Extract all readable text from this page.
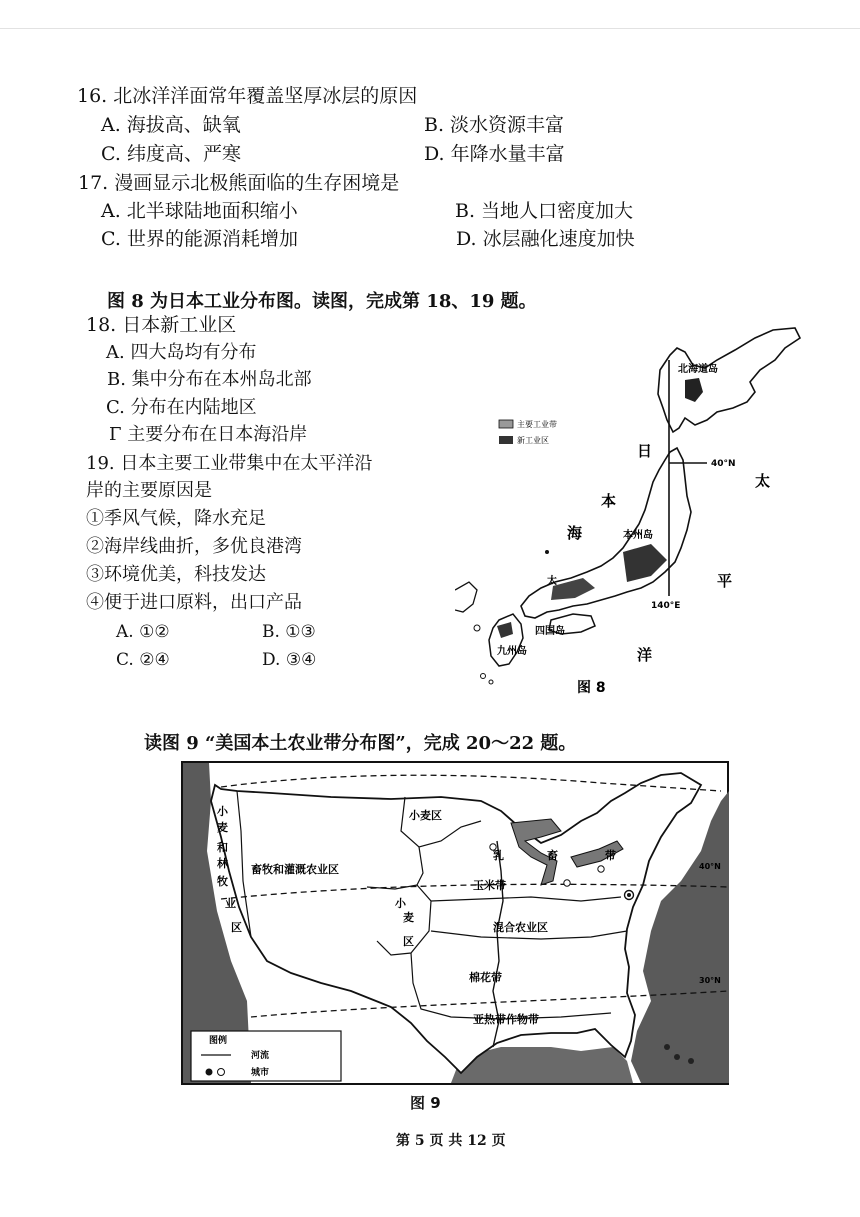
16. 北冰洋洋面常年覆盖坚厚冰层的原因
A. 海拔高、缺氧	B. 淡水资源丰富
C. 纬度高、严寒	D. 年降水量丰富
17. 漫画显示北极熊面临的生存困境是
A. 北半球陆地面积缩小	B. 当地人口密度加大
C. 世界的能源消耗增加	D. 冰层融化速度加快
图 8 为日本工业分布图。读图，完成第 18、19 题。
18. 日本新工业区
A. 四大岛均有分布
B. 集中分布在本州岛北部
C. 分布在内陆地区
Γ 主要分布在日本海沿岸
19. 日本主要工业带集中在太平洋沿
岸的主要原因是
①季风气候，降水充足
②海岸线曲折，多优良港湾
③环境优美，科技发达
④便于进口原料，出口产品
A. ①②	B. ①③
C. ②④	D. ③④
主要工业带
新工业区
北海道岛
本州岛
四国岛
九州岛
日
本
海
太
平
洋
40°N
140°E
太
图 8
读图 9 “美国本土农业带分布图”，完成 20～22 题。
图例
河流
城市
小
麦
和
林
牧
业
区
小麦区
畜牧和灌溉农业区
玉米带
乳	畜	带
小
麦
区
混合农业区
棉花带
亚热带作物带
40°N
30°N
图 9
第 5 页 共 12 页
